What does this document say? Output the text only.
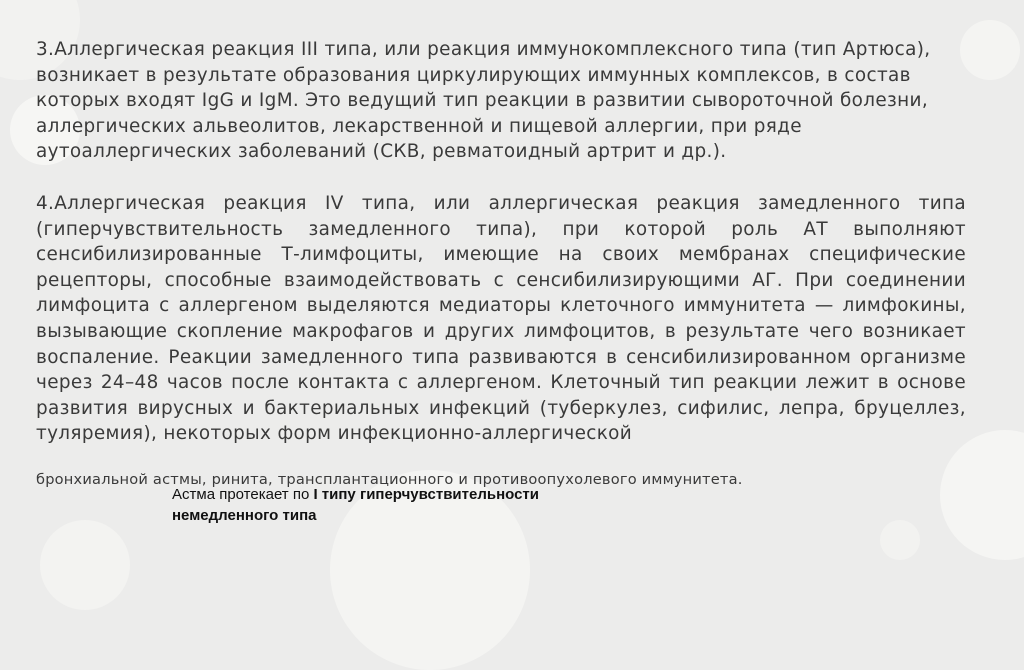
3.Аллергическая реакция III типа, или реакция иммунокомплексного типа (тип Артюса), возникает в результате образования циркулирующих иммунных комплексов, в состав которых входят IgG и IgM. Это ведущий тип реакции в развитии сывороточной болезни, аллергических альвеолитов, лекарственной и пищевой аллергии, при ряде аутоаллергических заболеваний (СКВ, ревматоидный артрит и др.).
4.Аллергическая реакция IV типа, или аллергическая реакция замедленного типа (гиперчувствительность замедленного типа), при которой роль АТ выполняют сенсибилизированные Т-лимфоциты, имеющие на своих мембранах специфические рецепторы, способные взаимодействовать с сенсибилизирующими АГ. При соединении лимфоцита с аллергеном выделяются медиаторы клеточного иммунитета — лимфокины, вызывающие скопление макрофагов и других лимфоцитов, в результате чего возникает воспаление. Реакции замедленного типа развиваются в сенсибилизированном организме через 24–48 часов после контакта с аллергеном. Клеточный тип реакции лежит в основе развития вирусных и бактериальных инфекций (туберкулез, сифилис, лепра, бруцеллез, туляремия), некоторых форм инфекционно-аллергической
бронхиальной астмы, ринита, трансплантационного и противоопухолевого иммунитета.
Астма протекает по I типу гиперчувствительности
немедленного типа
